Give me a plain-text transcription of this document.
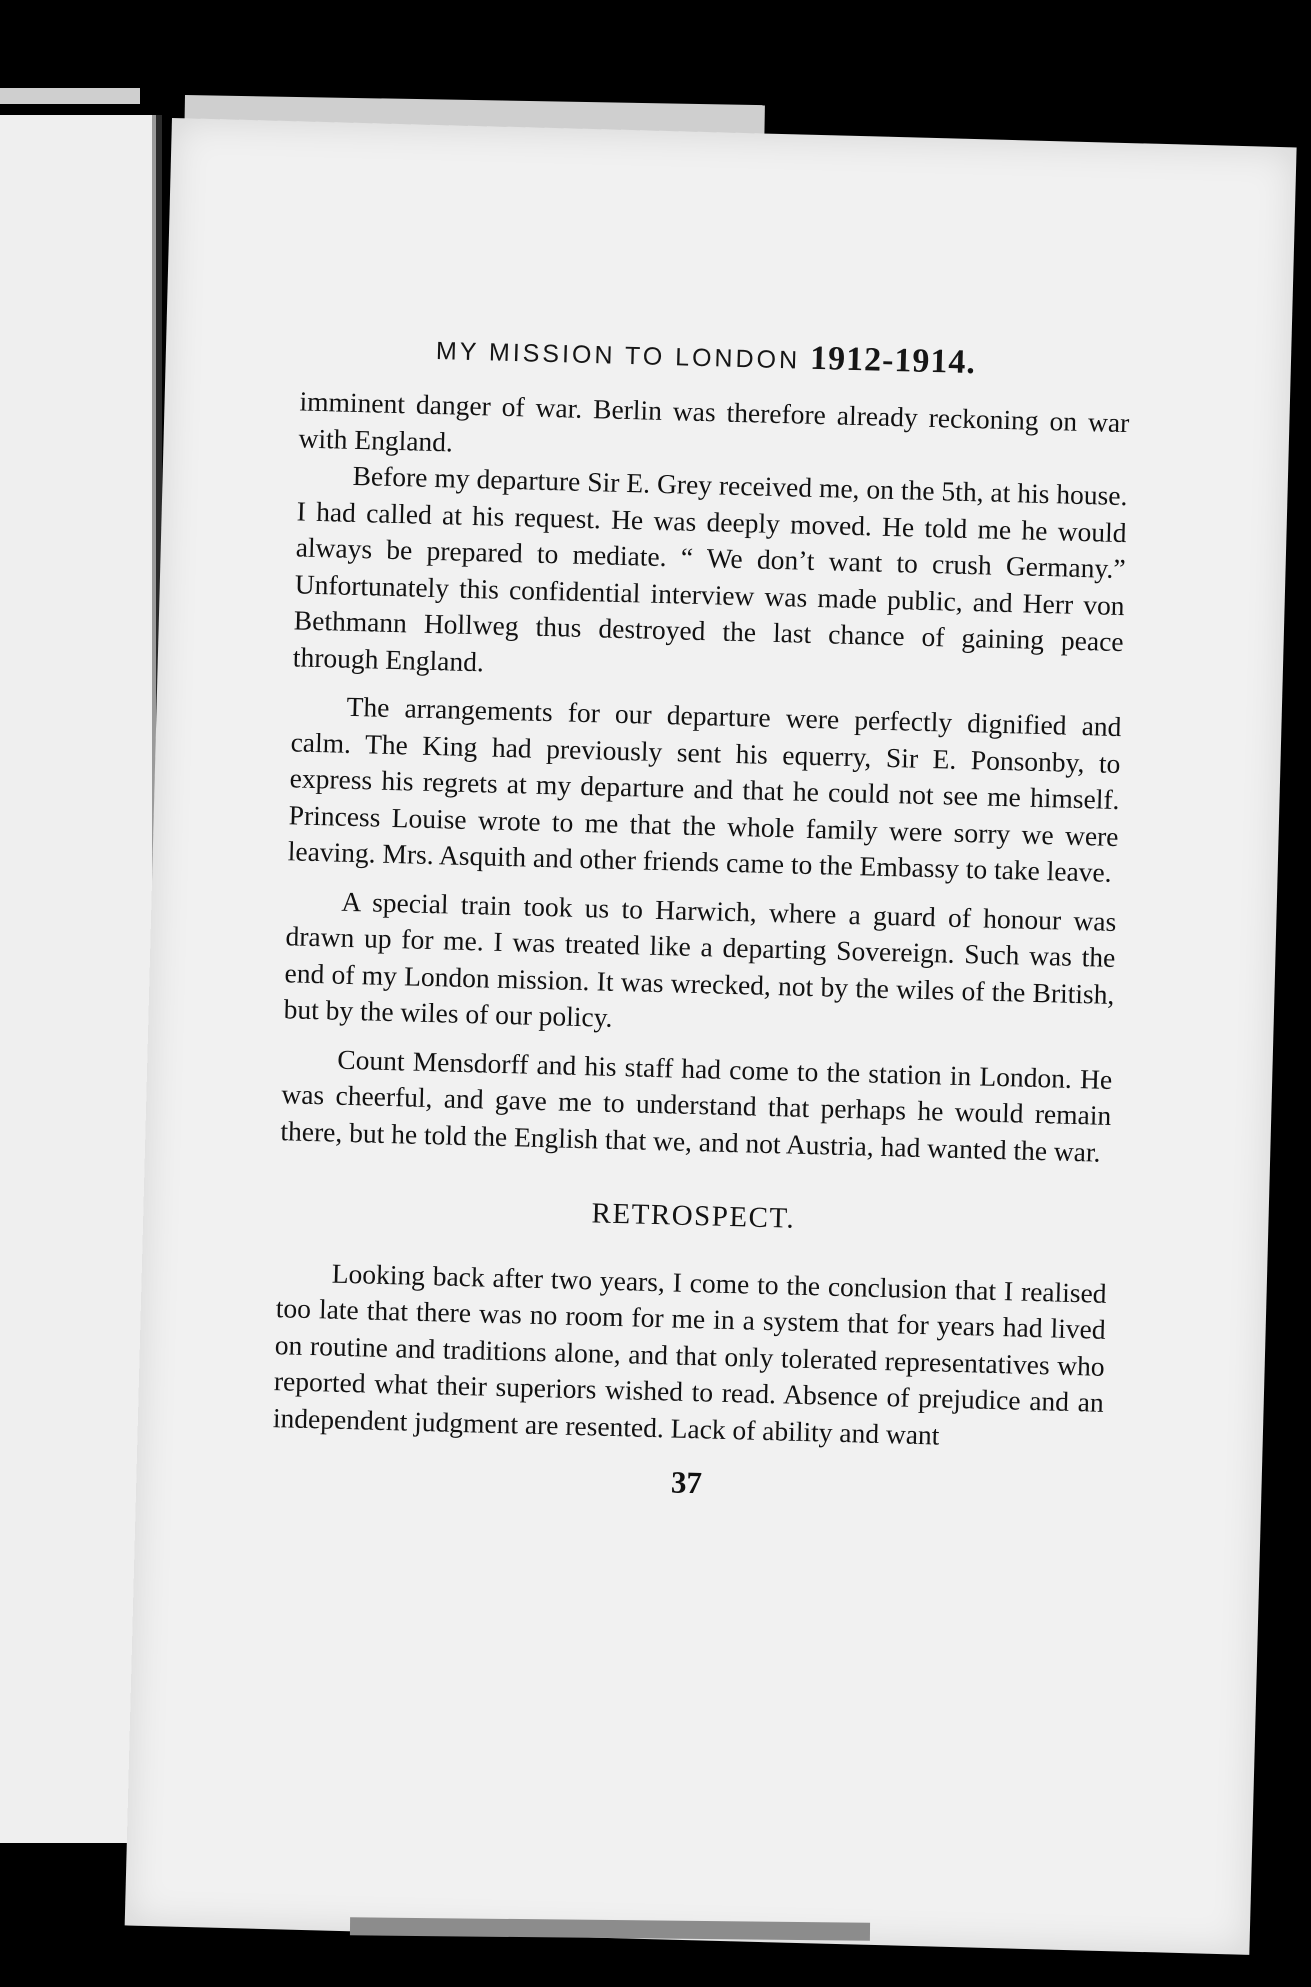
MY MISSION TO LONDON 1912-1914.

imminent danger of war. Berlin was therefore already reckoning on war with England.

Before my departure Sir E. Grey received me, on the 5th, at his house. I had called at his request. He was deeply moved. He told me he would always be prepared to mediate. “ We don’t want to crush Germany.” Unfortunately this confidential interview was made public, and Herr von Bethmann Hollweg thus destroyed the last chance of gaining peace through England.

The arrangements for our departure were perfectly dignified and calm. The King had previously sent his equerry, Sir E. Ponsonby, to express his regrets at my departure and that he could not see me himself. Princess Louise wrote to me that the whole family were sorry we were leaving. Mrs. Asquith and other friends came to the Embassy to take leave.

A special train took us to Harwich, where a guard of honour was drawn up for me. I was treated like a departing Sovereign. Such was the end of my London mission. It was wrecked, not by the wiles of the British, but by the wiles of our policy.

Count Mensdorff and his staff had come to the station in London. He was cheerful, and gave me to understand that perhaps he would remain there, but he told the English that we, and not Austria, had wanted the war.

RETROSPECT.

Looking back after two years, I come to the conclusion that I realised too late that there was no room for me in a system that for years had lived on routine and traditions alone, and that only tolerated representatives who reported what their superiors wished to read. Absence of prejudice and an independent judgment are resented. Lack of ability and want

37
